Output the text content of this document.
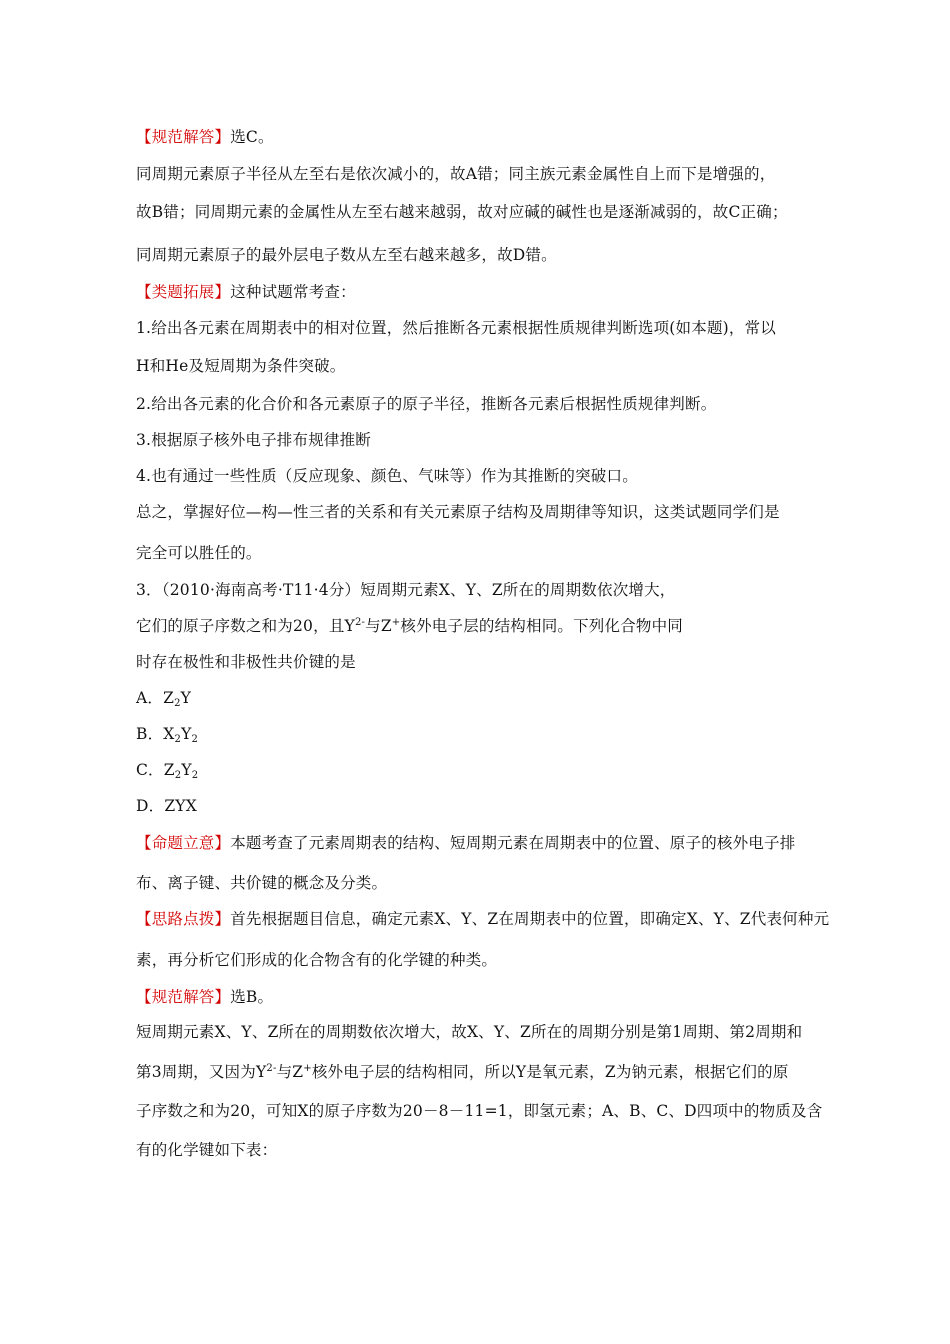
【规范解答】选C。
同周期元素原子半径从左至右是依次减小的，故A错；同主族元素金属性自上而下是增强的，
故B错；同周期元素的金属性从左至右越来越弱，故对应碱的碱性也是逐渐减弱的，故C正确；
同周期元素原子的最外层电子数从左至右越来越多，故D错。
【类题拓展】这种试题常考查：
1.给出各元素在周期表中的相对位置，然后推断各元素根据性质规律判断选项(如本题)，常以
H和He及短周期为条件突破。
2.给出各元素的化合价和各元素原子的原子半径，推断各元素后根据性质规律判断。
3.根据原子核外电子排布规律推断
4.也有通过一些性质（反应现象、颜色、气味等）作为其推断的突破口。
总之，掌握好位—构—性三者的关系和有关元素原子结构及周期律等知识，这类试题同学们是
完全可以胜任的。
3．（2010·海南高考·T11·4分）短周期元素X、Y、Z所在的周期数依次增大，
它们的原子序数之和为20，且$Y^{2-}$与Z+核外电子层的结构相同。下列化合物中同
时存在极性和非极性共价键的是
A．$Z_2Y$
B．$X_2Y_2$
C．$Z_2Y_2$
D．ZYX
【命题立意】本题考查了元素周期表的结构、短周期元素在周期表中的位置、原子的核外电子排
布、离子键、共价键的概念及分类。
【思路点拨】首先根据题目信息，确定元素X、Y、Z在周期表中的位置，即确定X、Y、Z代表何种元
素，再分析它们形成的化合物含有的化学键的种类。
【规范解答】选B。
短周期元素X、Y、Z所在的周期数依次增大，故X、Y、Z所在的周期分别是第1周期、第2周期和
第3周期，又因为$Y^{2-}$与Z+核外电子层的结构相同，所以Y是氧元素，Z为钠元素，根据它们的原
子序数之和为20，可知X的原子序数为20－8－11=1，即氢元素；A、B、C、D四项中的物质及含
有的化学键如下表：
